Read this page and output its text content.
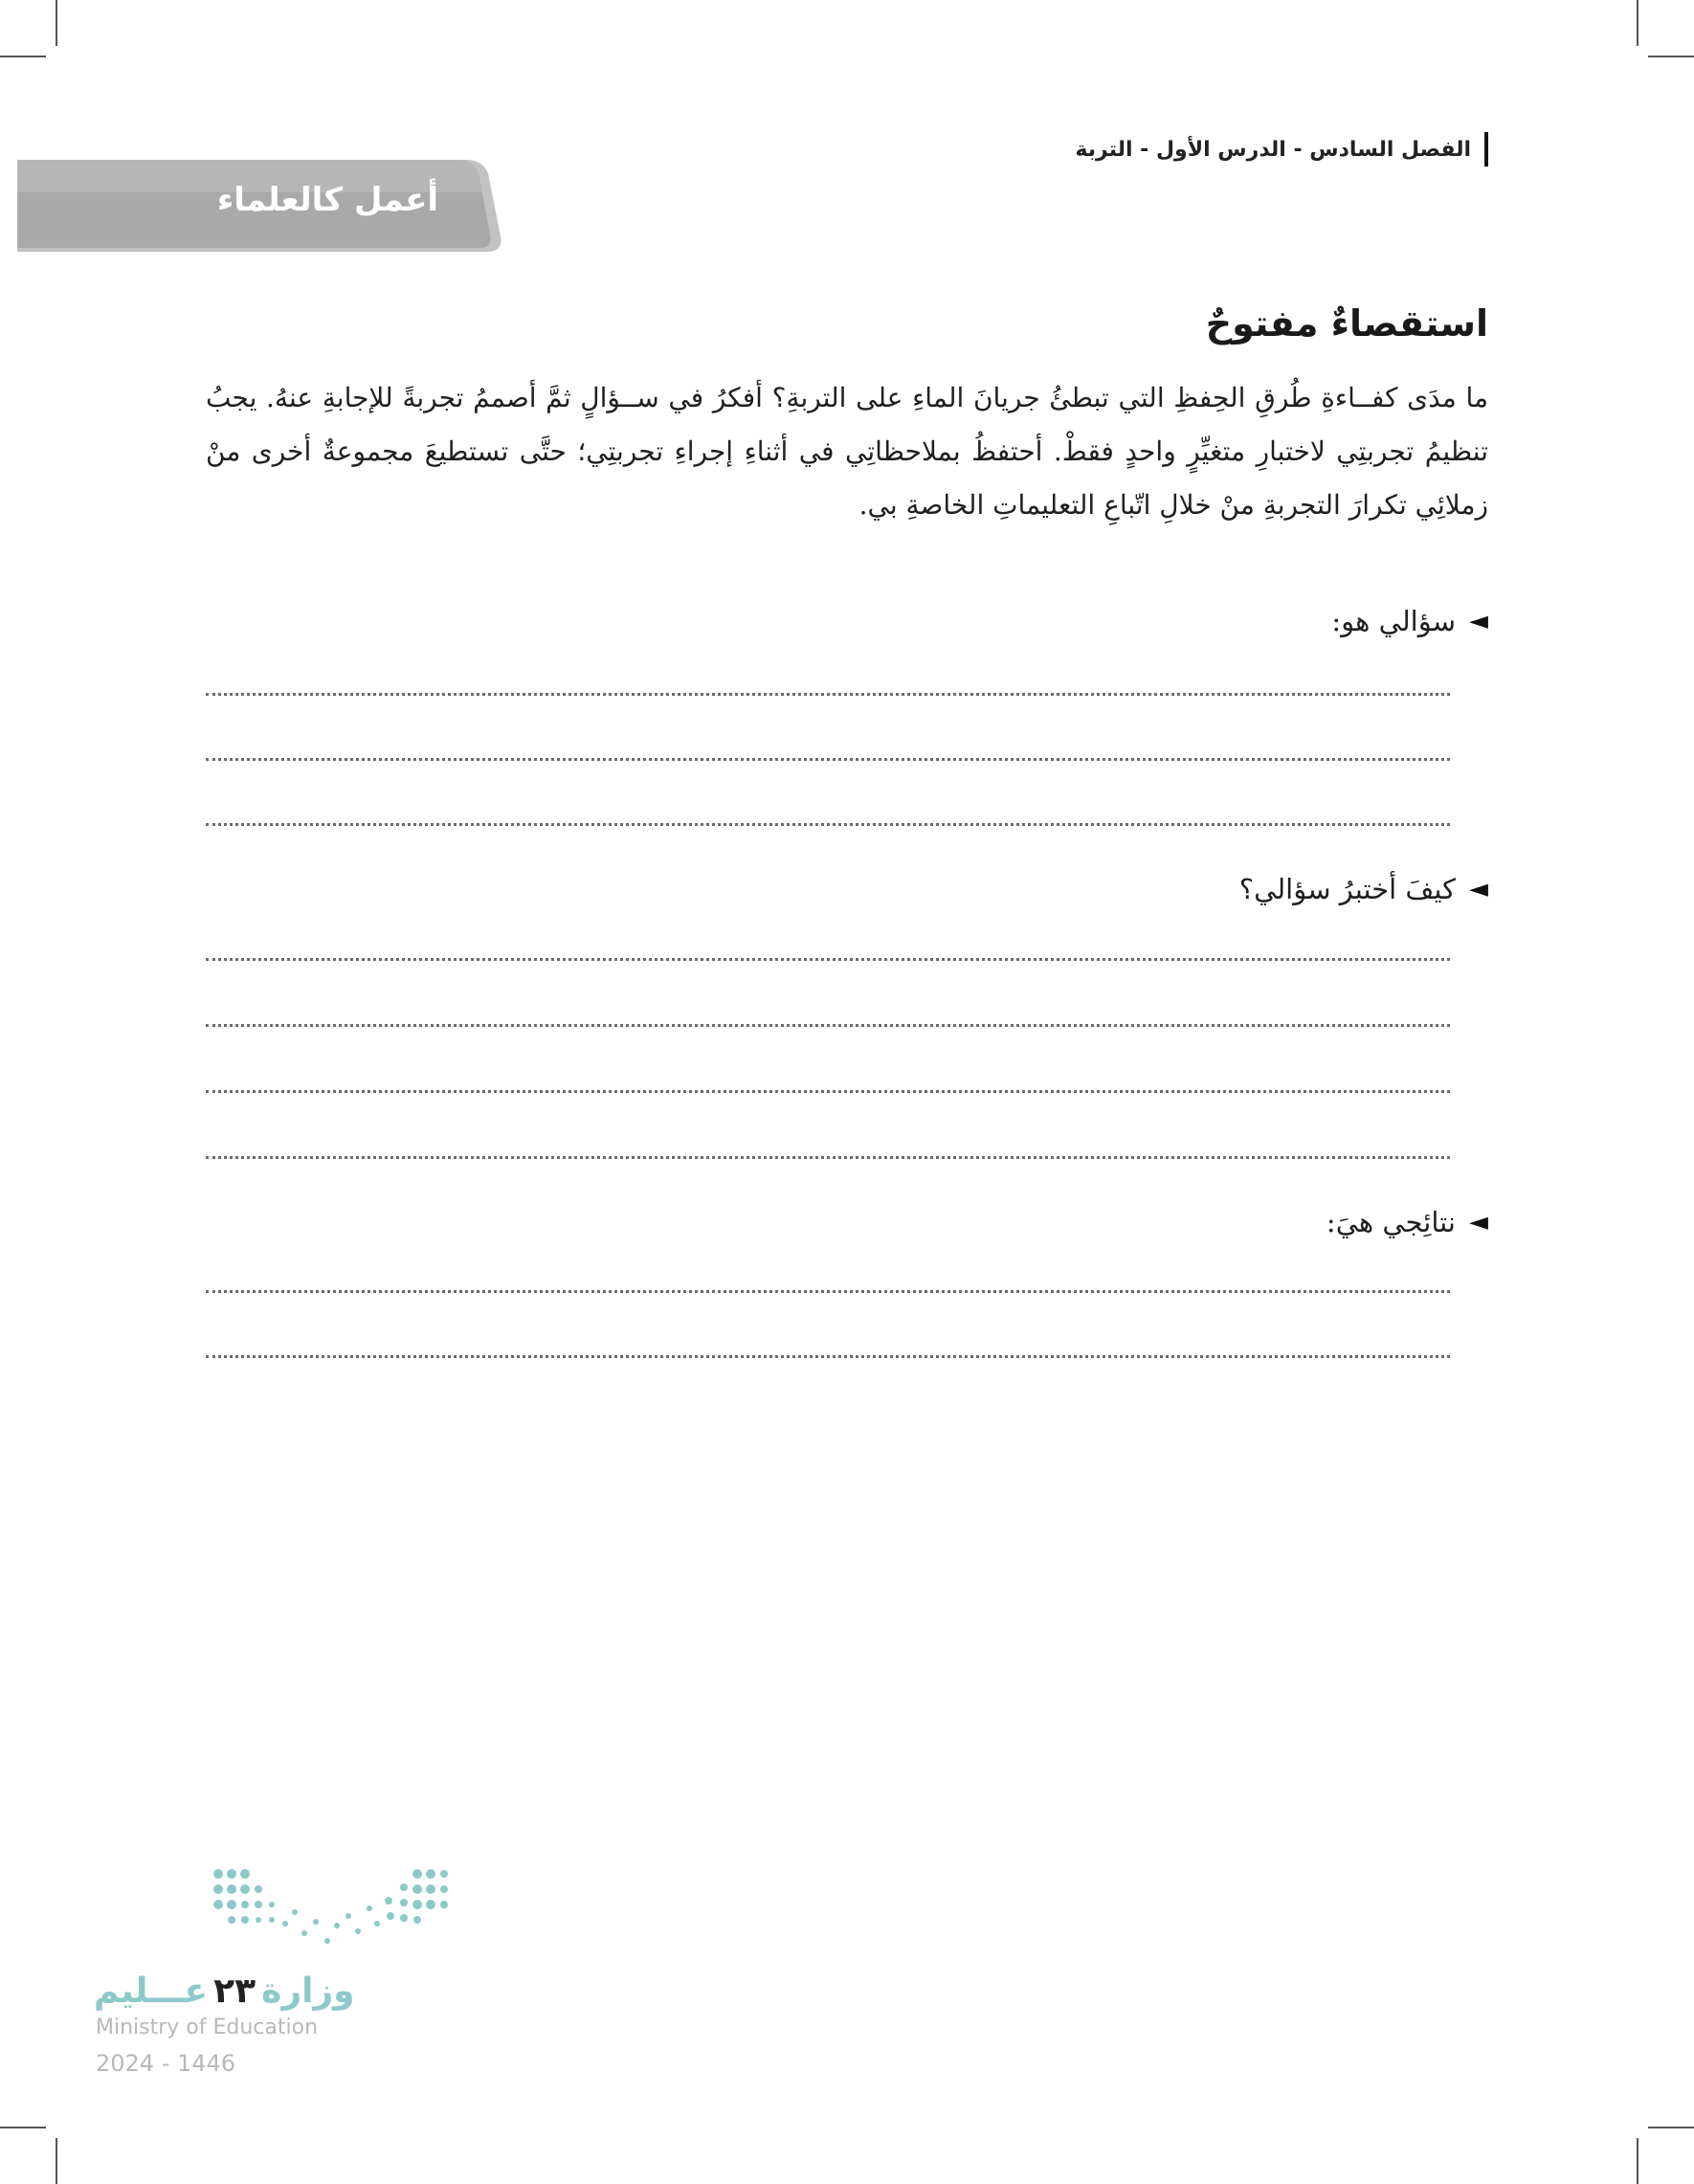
الفصل السادس - الدرس الأول - التربة
أعمل كالعلماء
استقصاءٌ مفتوحٌ

ما مدَى كفــاءةِ طُرقِ الحِفظِ التي تبطئُ جريانَ الماءِ على التربةِ؟ أفكرُ في ســؤالٍ ثمَّ أصممُ تجربةً للإجابةِ عنهُ. يجبُ تنظيمُ تجربتِي لاختبارِ متغيِّرٍ واحدٍ فقطْ. أحتفظُ بملاحظاتِي في أثناءِ إجراءِ تجربتِي؛ حتَّى تستطيعَ مجموعةٌ أخرى منْ زملائِي تكرارَ التجربةِ منْ خلالِ اتّباعِ التعليماتِ الخاصةِ بي.

◄
سؤالي هو:
◄
كيفَ أختبرُ سؤالي؟
◄
نتائِجي هيَ:
عـــليم ٢٣ وزارة
Ministry of Education
2024 - 1446
